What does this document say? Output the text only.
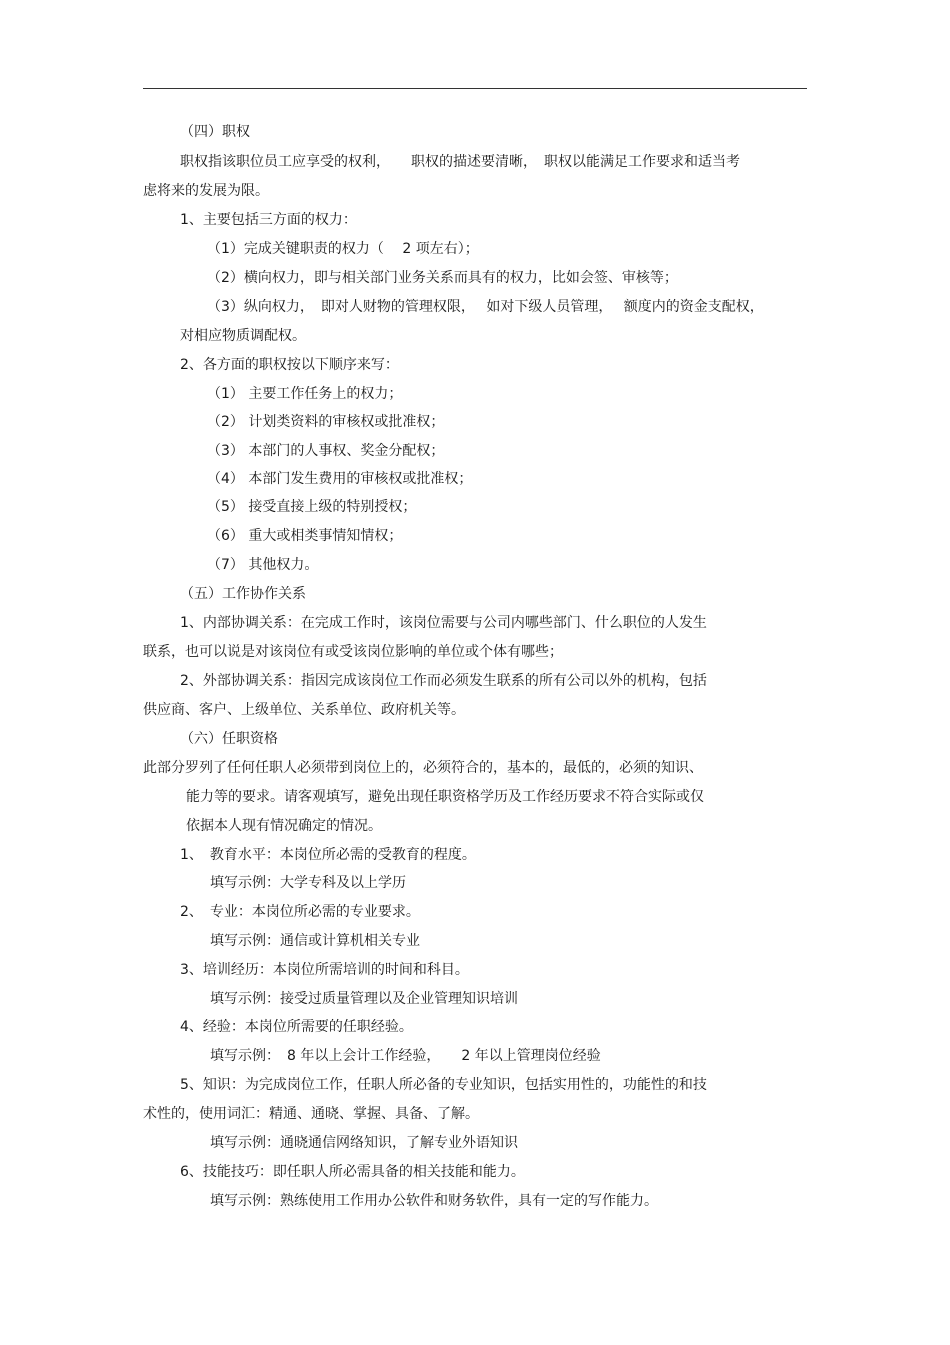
（四）职权
职权指该职位员工应享受的权利，　　职权的描述要清晰，　职权以能满足工作要求和适当考
虑将来的发展为限。
1、主要包括三方面的权力：
（1）完成关键职责的权力（　 2 项左右）；
（2）横向权力，即与相关部门业务关系而具有的权力，比如会签、审核等；
（3）纵向权力，　即对人财物的管理权限，　 如对下级人员管理，　 额度内的资金支配权，
对相应物质调配权。
2、各方面的职权按以下顺序来写：
（1） 主要工作任务上的权力；
（2） 计划类资料的审核权或批准权；
（3） 本部门的人事权、奖金分配权；
（4） 本部门发生费用的审核权或批准权；
（5） 接受直接上级的特别授权；
（6） 重大或相类事情知情权；
（7） 其他权力。
（五）工作协作关系
1、内部协调关系：在完成工作时，该岗位需要与公司内哪些部门、什么职位的人发生
联系，也可以说是对该岗位有或受该岗位影响的单位或个体有哪些；
2、外部协调关系：指因完成该岗位工作而必须发生联系的所有公司以外的机构，包括
供应商、客户、上级单位、关系单位、政府机关等。
（六）任职资格
此部分罗列了任何任职人必须带到岗位上的，必须符合的，基本的，最低的，必须的知识、
能力等的要求。请客观填写，避免出现任职资格学历及工作经历要求不符合实际或仅
依据本人现有情况确定的情况。
1、　教育水平：本岗位所必需的受教育的程度。
填写示例：大学专科及以上学历
2、　专业：本岗位所必需的专业要求。
填写示例：通信或计算机相关专业
3、培训经历：本岗位所需培训的时间和科目。
填写示例：接受过质量管理以及企业管理知识培训
4、经验：本岗位所需要的任职经验。
填写示例：　8 年以上会计工作经验，　　2 年以上管理岗位经验
5、知识：为完成岗位工作，任职人所必备的专业知识，包括实用性的，功能性的和技
术性的，使用词汇：精通、通晓、掌握、具备、了解。
填写示例：通晓通信网络知识，了解专业外语知识
6、技能技巧：即任职人所必需具备的相关技能和能力。
填写示例：熟练使用工作用办公软件和财务软件，具有一定的写作能力。
